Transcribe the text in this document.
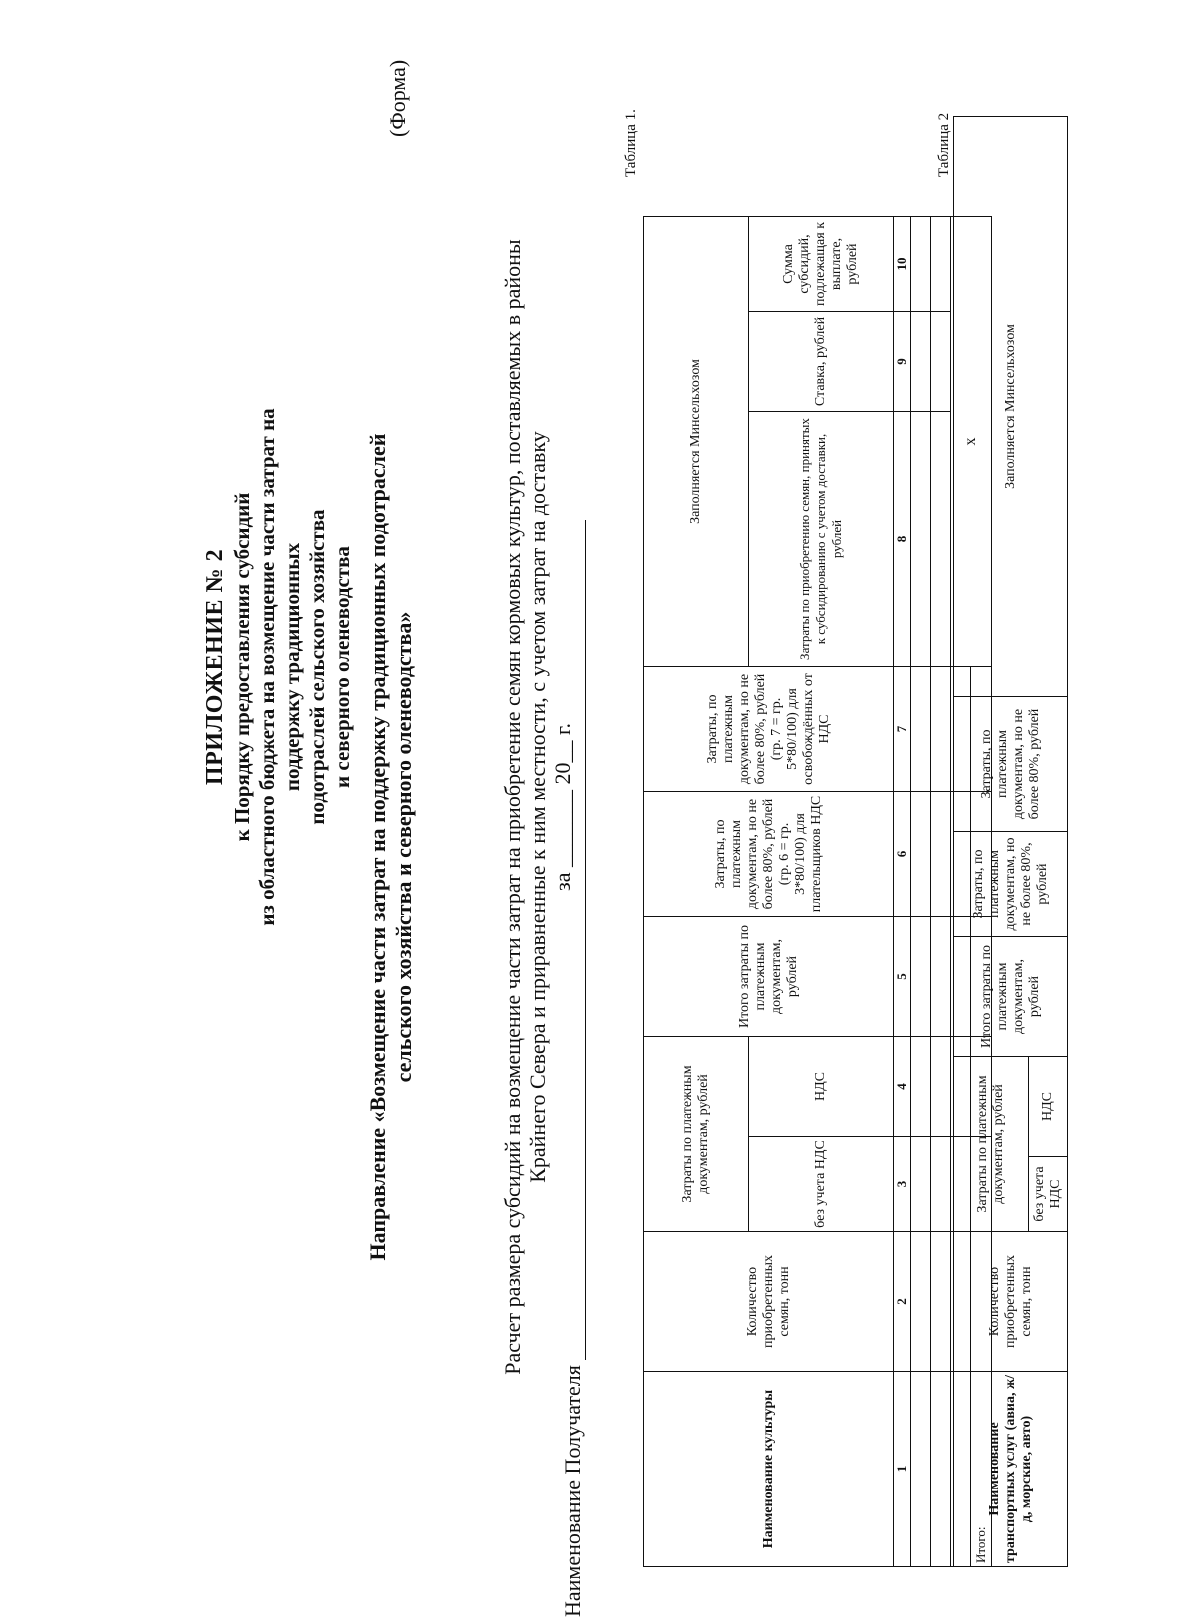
ПРИЛОЖЕНИЕ № 2 к Порядку предоставления субсидий из областного бюджета на возмещение части затрат на поддержку традиционных подотраслей сельского хозяйства и северного оленеводства
(Форма)
Направление «Возмещение части затрат на поддержку традиционных подотраслей сельского хозяйства и северного оленеводства»	Расчет размера субсидий на возмещение части затрат на приобретение семян кормовых культур, поставляемых в районы Крайнего Севера и приравненные к ним местности, с учетом затрат на доставку за _______ 20__ г.
Наименование Получателя
Таблица 1.
Наименование культуры	Количество приобретенных семян, тонн	Затраты по платежным документам, рублей		Итого затраты по платежным документам, рублей	Затраты, по платежным документам, но не более 80%, рублей (гр. 6 = гр. 3*80/100) для плательщиков НДС	Затраты, по платежным документам, но не более 80%, рублей (гр. 7 = гр. 5*80/100) для освобождённых от НДС	Заполняется Минсельхозом			
		без учета НДС	НДС				Затраты по приобретению семян, принятых к субсидированию с учетом доставки, рублей	Ставка, рублей	Сумма субсидий, подлежащая к выплате, рублей	
1	2	3	4	5	6	7	8	9	10	

							х			
Итого:										
Таблица 2
Наименование транспортных услуг (авиа, ж/д, морские, авто)	Количество приобретенных семян, тонн	Затраты по платежным документам, рублей		Итого затраты по платежным документам, рублей	Затраты, по платежным документам, но не более 80%, рублей	Затраты, по платежным документам, но не более 80%, рублей	Заполняется Минсельхозом
		без учета НДС	НДС				
